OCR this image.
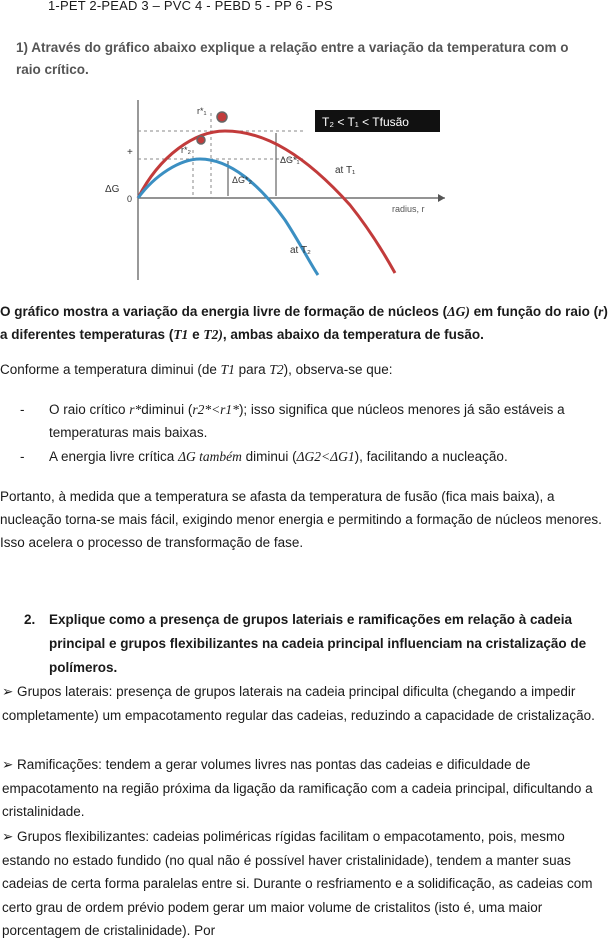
1-PET 2-PEAD 3 – PVC 4 - PEBD 5 - PP 6 - PS
1) Através do gráfico abaixo explique a relação entre a variação da temperatura com o raio crítico.
T₂ < T₁ < Tfusão
r*₁
r*₂
ΔG*₁
ΔG*₂
at T₁
at T₂
radius, r
ΔG
0
+
O gráfico mostra a variação da energia livre de formação de núcleos (ΔG) em função do raio (r) a diferentes temperaturas (T1 e T2), ambas abaixo da temperatura de fusão.
Conforme a temperatura diminui (de T1 para T2), observa-se que:
- O raio crítico r*diminui (r2*<r1*); isso significa que núcleos menores já são estáveis a temperaturas mais baixas.
- A energia livre crítica ΔG também diminui (ΔG2<ΔG1), facilitando a nucleação.
Portanto, à medida que a temperatura se afasta da temperatura de fusão (fica mais baixa), a nucleação torna-se mais fácil, exigindo menor energia e permitindo a formação de núcleos menores. Isso acelera o processo de transformação de fase.
2. Explique como a presença de grupos lateriais e ramificações em relação à cadeia principal e grupos flexibilizantes na cadeia principal influenciam na cristalização de polímeros.
➢ Grupos laterais: presença de grupos laterais na cadeia principal dificulta (chegando a impedir completamente) um empacotamento regular das cadeias, reduzindo a capacidade de cristalização.
➢ Ramificações: tendem a gerar volumes livres nas pontas das cadeias e dificuldade de empacotamento na região próxima da ligação da ramificação com a cadeia principal, dificultando a cristalinidade.
➢ Grupos flexibilizantes: cadeias poliméricas rígidas facilitam o empacotamento, pois, mesmo estando no estado fundido (no qual não é possível haver cristalinidade), tendem a manter suas cadeias de certa forma paralelas entre si. Durante o resfriamento e a solidificação, as cadeias com certo grau de ordem prévio podem gerar um maior volume de cristalitos (isto é, uma maior porcentagem de cristalinidade). Por
